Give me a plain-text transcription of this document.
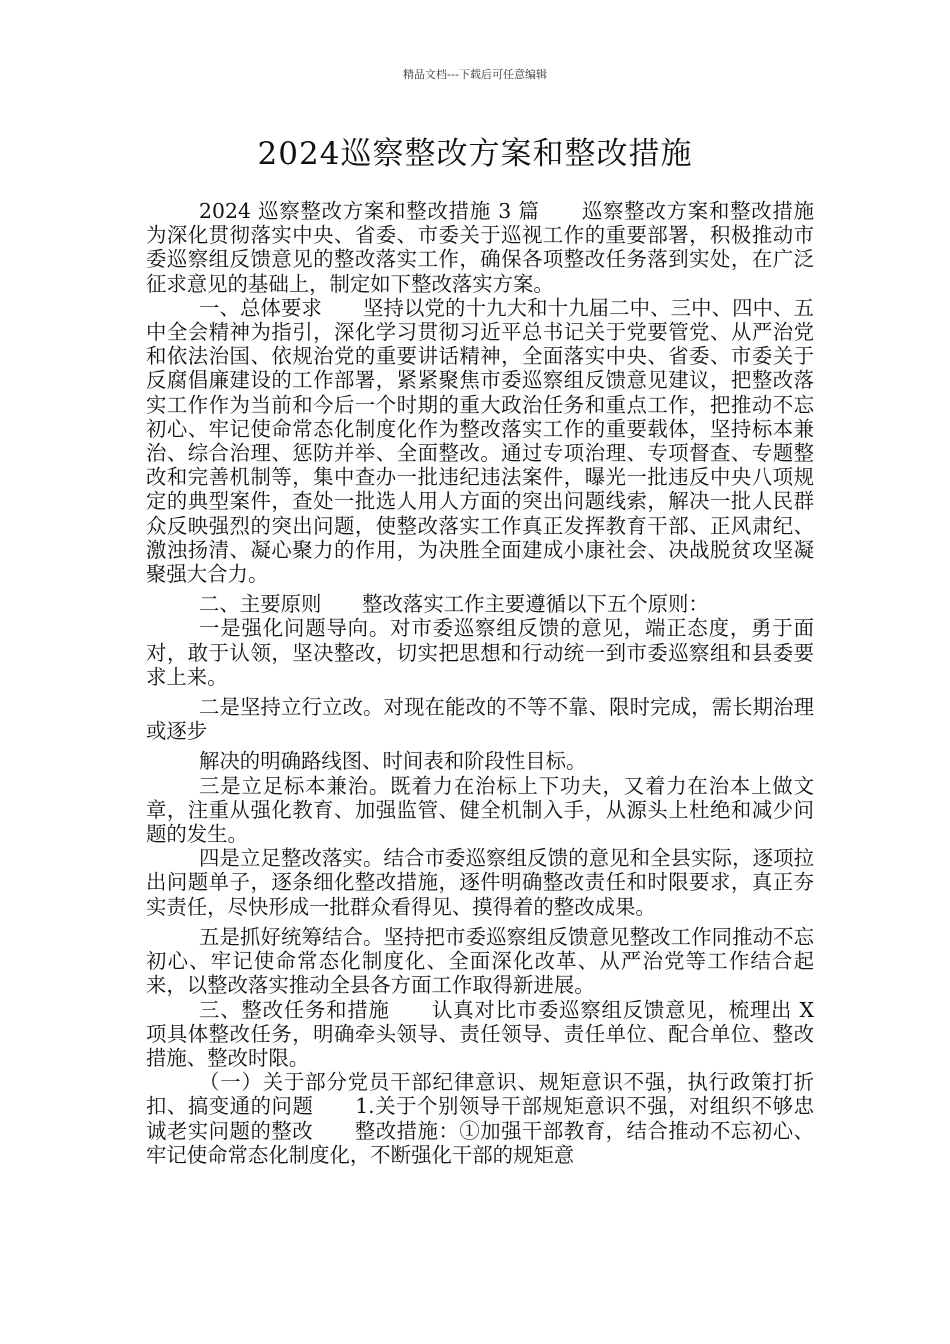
精品文档---下载后可任意编辑
2024巡察整改方案和整改措施

2024 巡察整改方案和整改措施 3 篇　　巡察整改方案和整改措施　　为深化贯彻落实中央、省委、市委关于巡视工作的重要部署，积极推动市委巡察组反馈意见的整改落实工作，确保各项整改任务落到实处，在广泛征求意见的基础上，制定如下整改落实方案。

一、总体要求　　坚持以党的十九大和十九届二中、三中、四中、五中全会精神为指引，深化学习贯彻习近平总书记关于党要管党、从严治党和依法治国、依规治党的重要讲话精神，全面落实中央、省委、市委关于反腐倡廉建设的工作部署，紧紧聚焦市委巡察组反馈意见建议，把整改落实工作作为当前和今后一个时期的重大政治任务和重点工作，把推动不忘初心、牢记使命常态化制度化作为整改落实工作的重要载体，坚持标本兼治、综合治理、惩防并举、全面整改。通过专项治理、专项督查、专题整改和完善机制等，集中查办一批违纪违法案件，曝光一批违反中央八项规定的典型案件，查处一批选人用人方面的突出问题线索，解决一批人民群众反映强烈的突出问题，使整改落实工作真正发挥教育干部、正风肃纪、激浊扬清、凝心聚力的作用，为决胜全面建成小康社会、决战脱贫攻坚凝聚强大合力。

二、主要原则　　整改落实工作主要遵循以下五个原则：

一是强化问题导向。对市委巡察组反馈的意见，端正态度，勇于面对，敢于认领，坚决整改，切实把思想和行动统一到市委巡察组和县委要求上来。

二是坚持立行立改。对现在能改的不等不靠、限时完成，需长期治理或逐步

解决的明确路线图、时间表和阶段性目标。

三是立足标本兼治。既着力在治标上下功夫，又着力在治本上做文章，注重从强化教育、加强监管、健全机制入手，从源头上杜绝和减少问题的发生。

四是立足整改落实。结合市委巡察组反馈的意见和全县实际，逐项拉出问题单子，逐条细化整改措施，逐件明确整改责任和时限要求，真正夯实责任，尽快形成一批群众看得见、摸得着的整改成果。

五是抓好统筹结合。坚持把市委巡察组反馈意见整改工作同推动不忘初心、牢记使命常态化制度化、全面深化改革、从严治党等工作结合起来，以整改落实推动全县各方面工作取得新进展。

三、整改任务和措施　　认真对比市委巡察组反馈意见，梳理出 X 项具体整改任务，明确牵头领导、责任领导、责任单位、配合单位、整改措施、整改时限。

（一）关于部分党员干部纪律意识、规矩意识不强，执行政策打折扣、搞变通的问题　　1.关于个别领导干部规矩意识不强，对组织不够忠诚老实问题的整改　　整改措施：①加强干部教育，结合推动不忘初心、牢记使命常态化制度化，不断强化干部的规矩意
